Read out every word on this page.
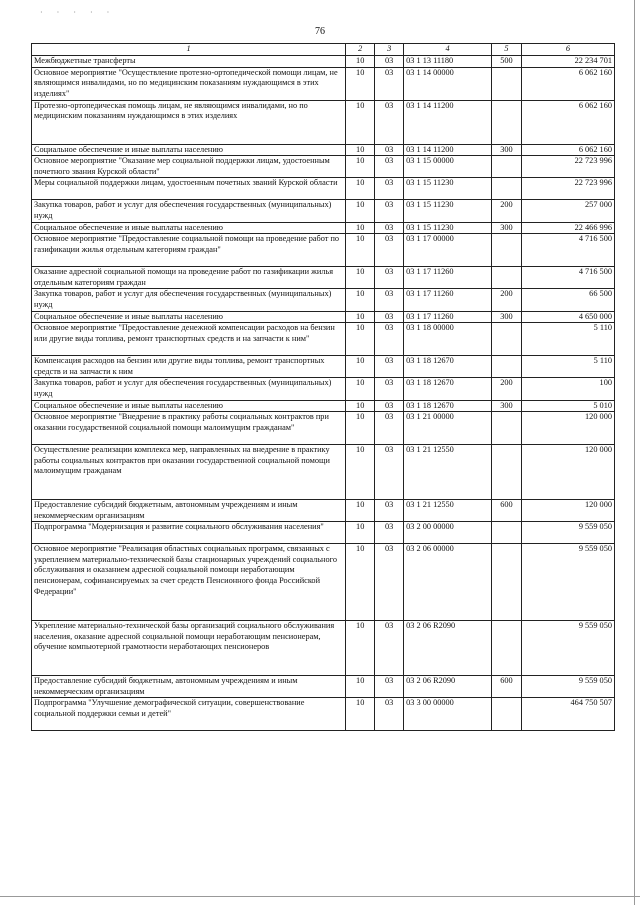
· · · · ·
76
1	2	3	4	5	6
Межбюджетные трансферты	10	03	03 1 13 11180	500	22 234 701
Основное мероприятие "Осуществление протезно-ортопедической помощи лицам, не являющимся инвалидами, но по медицинским показаниям нуждающимся в этих изделиях"	10	03	03 1 14 00000		6 062 160
Протезно-ортопедическая помощь лицам, не являющимся инвалидами, но по медицинским показаниям нуждающимся в этих изделиях	10	03	03 1 14 11200		6 062 160
Социальное обеспечение и иные выплаты населению	10	03	03 1 14 11200	300	6 062 160
Основное мероприятие "Оказание мер социальной поддержки лицам, удостоенным почетного звания Курской области"	10	03	03 1 15 00000		22 723 996
Меры социальной поддержки лицам, удостоенным почетных званий Курской области	10	03	03 1 15 11230		22 723 996
Закупка товаров, работ и услуг для обеспечения государственных (муниципальных) нужд	10	03	03 1 15 11230	200	257 000
Социальное обеспечение и иные выплаты населению	10	03	03 1 15 11230	300	22 466 996
Основное мероприятие "Предоставление социальной помощи на проведение работ по газификации жилья отдельным категориям граждан"	10	03	03 1 17 00000		4 716 500
Оказание адресной социальной помощи на проведение работ по газификации жилья отдельным категориям граждан	10	03	03 1 17 11260		4 716 500
Закупка товаров, работ и услуг для обеспечения государственных (муниципальных) нужд	10	03	03 1 17 11260	200	66 500
Социальное обеспечение и иные выплаты населению	10	03	03 1 17 11260	300	4 650 000
Основное мероприятие "Предоставление денежной компенсации расходов на бензин или другие виды топлива, ремонт транспортных средств и на запчасти к ним"	10	03	03 1 18 00000		5 110
Компенсация расходов на бензин или другие виды топлива, ремонт транспортных средств и на запчасти к ним	10	03	03 1 18 12670		5 110
Закупка товаров, работ и услуг для обеспечения государственных (муниципальных) нужд	10	03	03 1 18 12670	200	100
Социальное обеспечение и иные выплаты населению	10	03	03 1 18 12670	300	5 010
Основное мероприятие "Внедрение в практику работы социальных контрактов при оказании государственной социальной помощи малоимущим гражданам"	10	03	03 1 21 00000		120 000
Осуществление реализации комплекса мер, направленных на внедрение в практику работы социальных контрактов при оказании государственной социальной помощи малоимущим гражданам	10	03	03 1 21 12550		120 000
Предоставление субсидий бюджетным, автономным учреждениям и иным некоммерческим организациям	10	03	03 1 21 12550	600	120 000
Подпрограмма "Модернизация и развитие социального обслуживания населения"	10	03	03 2 00 00000		9 559 050
Основное мероприятие "Реализация областных социальных программ, связанных с укреплением материально-технической базы стационарных учреждений социального обслуживания и оказанием адресной социальной помощи неработающим пенсионерам, софинансируемых за счет средств Пенсионного фонда Российской Федерации"	10	03	03 2 06 00000		9 559 050
Укрепление материально-технической базы организаций социального обслуживания населения, оказание адресной социальной помощи неработающим пенсионерам, обучение компьютерной грамотности неработающих пенсионеров	10	03	03 2 06 R2090		9 559 050
Предоставление субсидий бюджетным, автономным учреждениям и иным некоммерческим организациям	10	03	03 2 06 R2090	600	9 559 050
Подпрограмма "Улучшение демографической ситуации, совершенствование социальной поддержки семьи и детей"	10	03	03 3 00 00000		464 750 507
